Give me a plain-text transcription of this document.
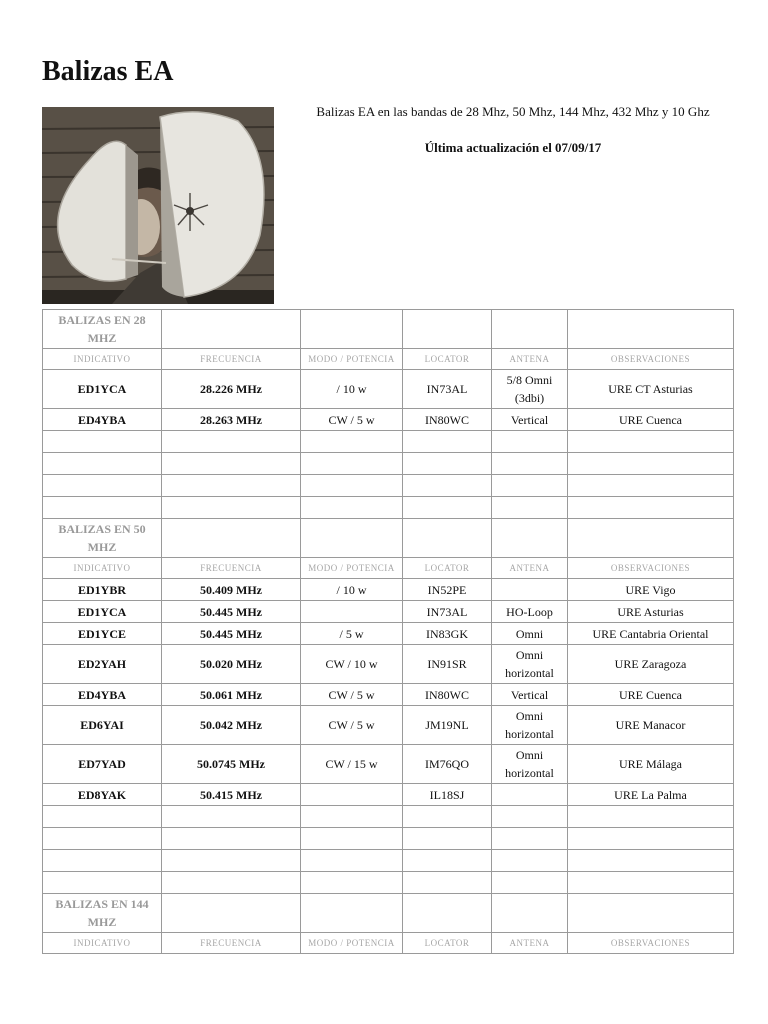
Balizas EA

Balizas EA en las bandas de 28 Mhz, 50 Mhz, 144 Mhz, 432 Mhz y 10 Ghz

Última actualización el 07/09/17

BALIZAS EN 28 MHZ					
INDICATIVO	FRECUENCIA	MODO / POTENCIA	LOCATOR	ANTENA	OBSERVACIONES
ED1YCA	28.226 MHz	/ 10 w	IN73AL	5/8 Omni (3dbi)	URE CT Asturias
ED4YBA	28.263 MHz	CW / 5 w	IN80WC	Vertical	URE Cuenca

BALIZAS EN 50 MHZ					
INDICATIVO	FRECUENCIA	MODO / POTENCIA	LOCATOR	ANTENA	OBSERVACIONES
ED1YBR	50.409 MHz	/ 10 w	IN52PE		URE Vigo
ED1YCA	50.445 MHz		IN73AL	HO-Loop	URE Asturias
ED1YCE	50.445 MHz	/ 5 w	IN83GK	Omni	URE Cantabria Oriental
ED2YAH	50.020 MHz	CW / 10 w	IN91SR	Omni horizontal	URE Zaragoza
ED4YBA	50.061 MHz	CW / 5 w	IN80WC	Vertical	URE Cuenca
ED6YAI	50.042 MHz	CW / 5 w	JM19NL	Omni horizontal	URE Manacor
ED7YAD	50.0745 MHz	CW / 15 w	IM76QO	Omni horizontal	URE Málaga
ED8YAK	50.415 MHz		IL18SJ		URE La Palma

BALIZAS EN 144 MHZ					
INDICATIVO	FRECUENCIA	MODO / POTENCIA	LOCATOR	ANTENA	OBSERVACIONES
